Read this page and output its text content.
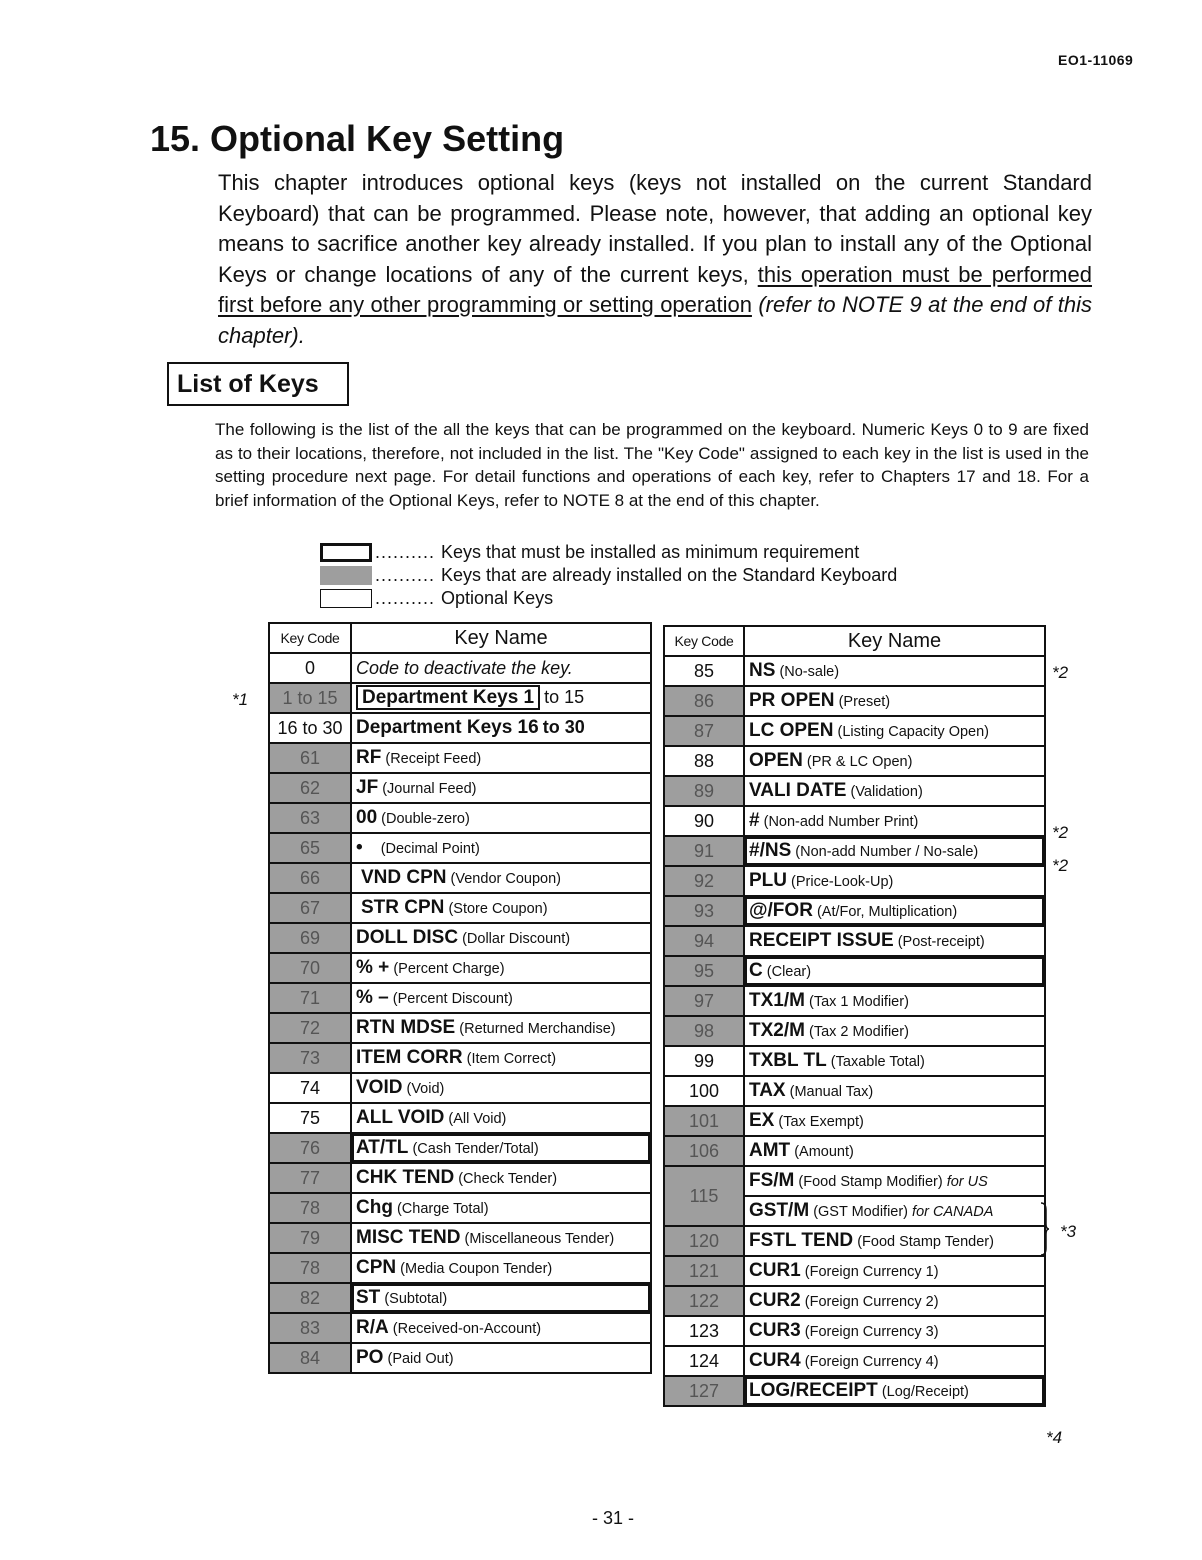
EO1-11069
15. Optional Key Setting

This chapter introduces optional keys (keys not installed on the current Standard Keyboard) that can be programmed. Please note, however, that adding an optional key means to sacrifice another key already installed. If you plan to install any of the Optional Keys or change locations of any of the current keys, this operation must be performed first before any other programming or setting operation (refer to NOTE 9 at the end of this chapter).

List of Keys

The following is the list of the all the keys that can be programmed on the keyboard. Numeric Keys 0 to 9 are fixed as to their locations, therefore, not included in the list. The "Key Code" assigned to each key in the list is used in the setting procedure next page. For detail functions and operations of each key, refer to Chapters 17 and 18. For a brief information of the Optional Keys, refer to NOTE 8 at the end of this chapter.

.......... Keys that must be installed as minimum requirement
.......... Keys that are already installed on the Standard Keyboard
.......... Optional Keys
Key Code	Key Name
0	Code to deactivate the key.
1 to 15	Department Keys 1 to 15
16 to 30	Department Keys 16 to 30
61	RF (Receipt Feed)
62	JF (Journal Feed)
63	00 (Double-zero)
65	• (Decimal Point)
66	VND CPN (Vendor Coupon)
67	STR CPN (Store Coupon)
69	DOLL DISC (Dollar Discount)
70	% + (Percent Charge)
71	% – (Percent Discount)
72	RTN MDSE (Returned Merchandise)
73	ITEM CORR (Item Correct)
74	VOID (Void)
75	ALL VOID (All Void)
76	AT/TL (Cash Tender/Total)
77	CHK TEND (Check Tender)
78	Chg (Charge Total)
79	MISC TEND (Miscellaneous Tender)
78	CPN (Media Coupon Tender)
82	ST (Subtotal)
83	R/A (Received-on-Account)
84	PO (Paid Out)
Key Code	Key Name
85	NS (No-sale)
86	PR OPEN (Preset)
87	LC OPEN (Listing Capacity Open)
88	OPEN (PR & LC Open)
89	VALI DATE (Validation)
90	# (Non-add Number Print)
91	#/NS (Non-add Number / No-sale)
92	PLU (Price-Look-Up)
93	@/FOR (At/For, Multiplication)
94	RECEIPT ISSUE (Post-receipt)
95	C (Clear)
97	TX1/M (Tax 1 Modifier)
98	TX2/M (Tax 2 Modifier)
99	TXBL TL (Taxable Total)
100	TAX (Manual Tax)
101	EX (Tax Exempt)
106	AMT (Amount)
115	FS/M (Food Stamp Modifier) for US
	GST/M (GST Modifier) for CANADA
120	FSTL TEND (Food Stamp Tender)
121	CUR1 (Foreign Currency 1)
122	CUR2 (Foreign Currency 2)
123	CUR3 (Foreign Currency 3)
124	CUR4 (Foreign Currency 4)
127	LOG/RECEIPT (Log/Receipt)
*1
*2
*2
*2
*3
*4
- 31 -
